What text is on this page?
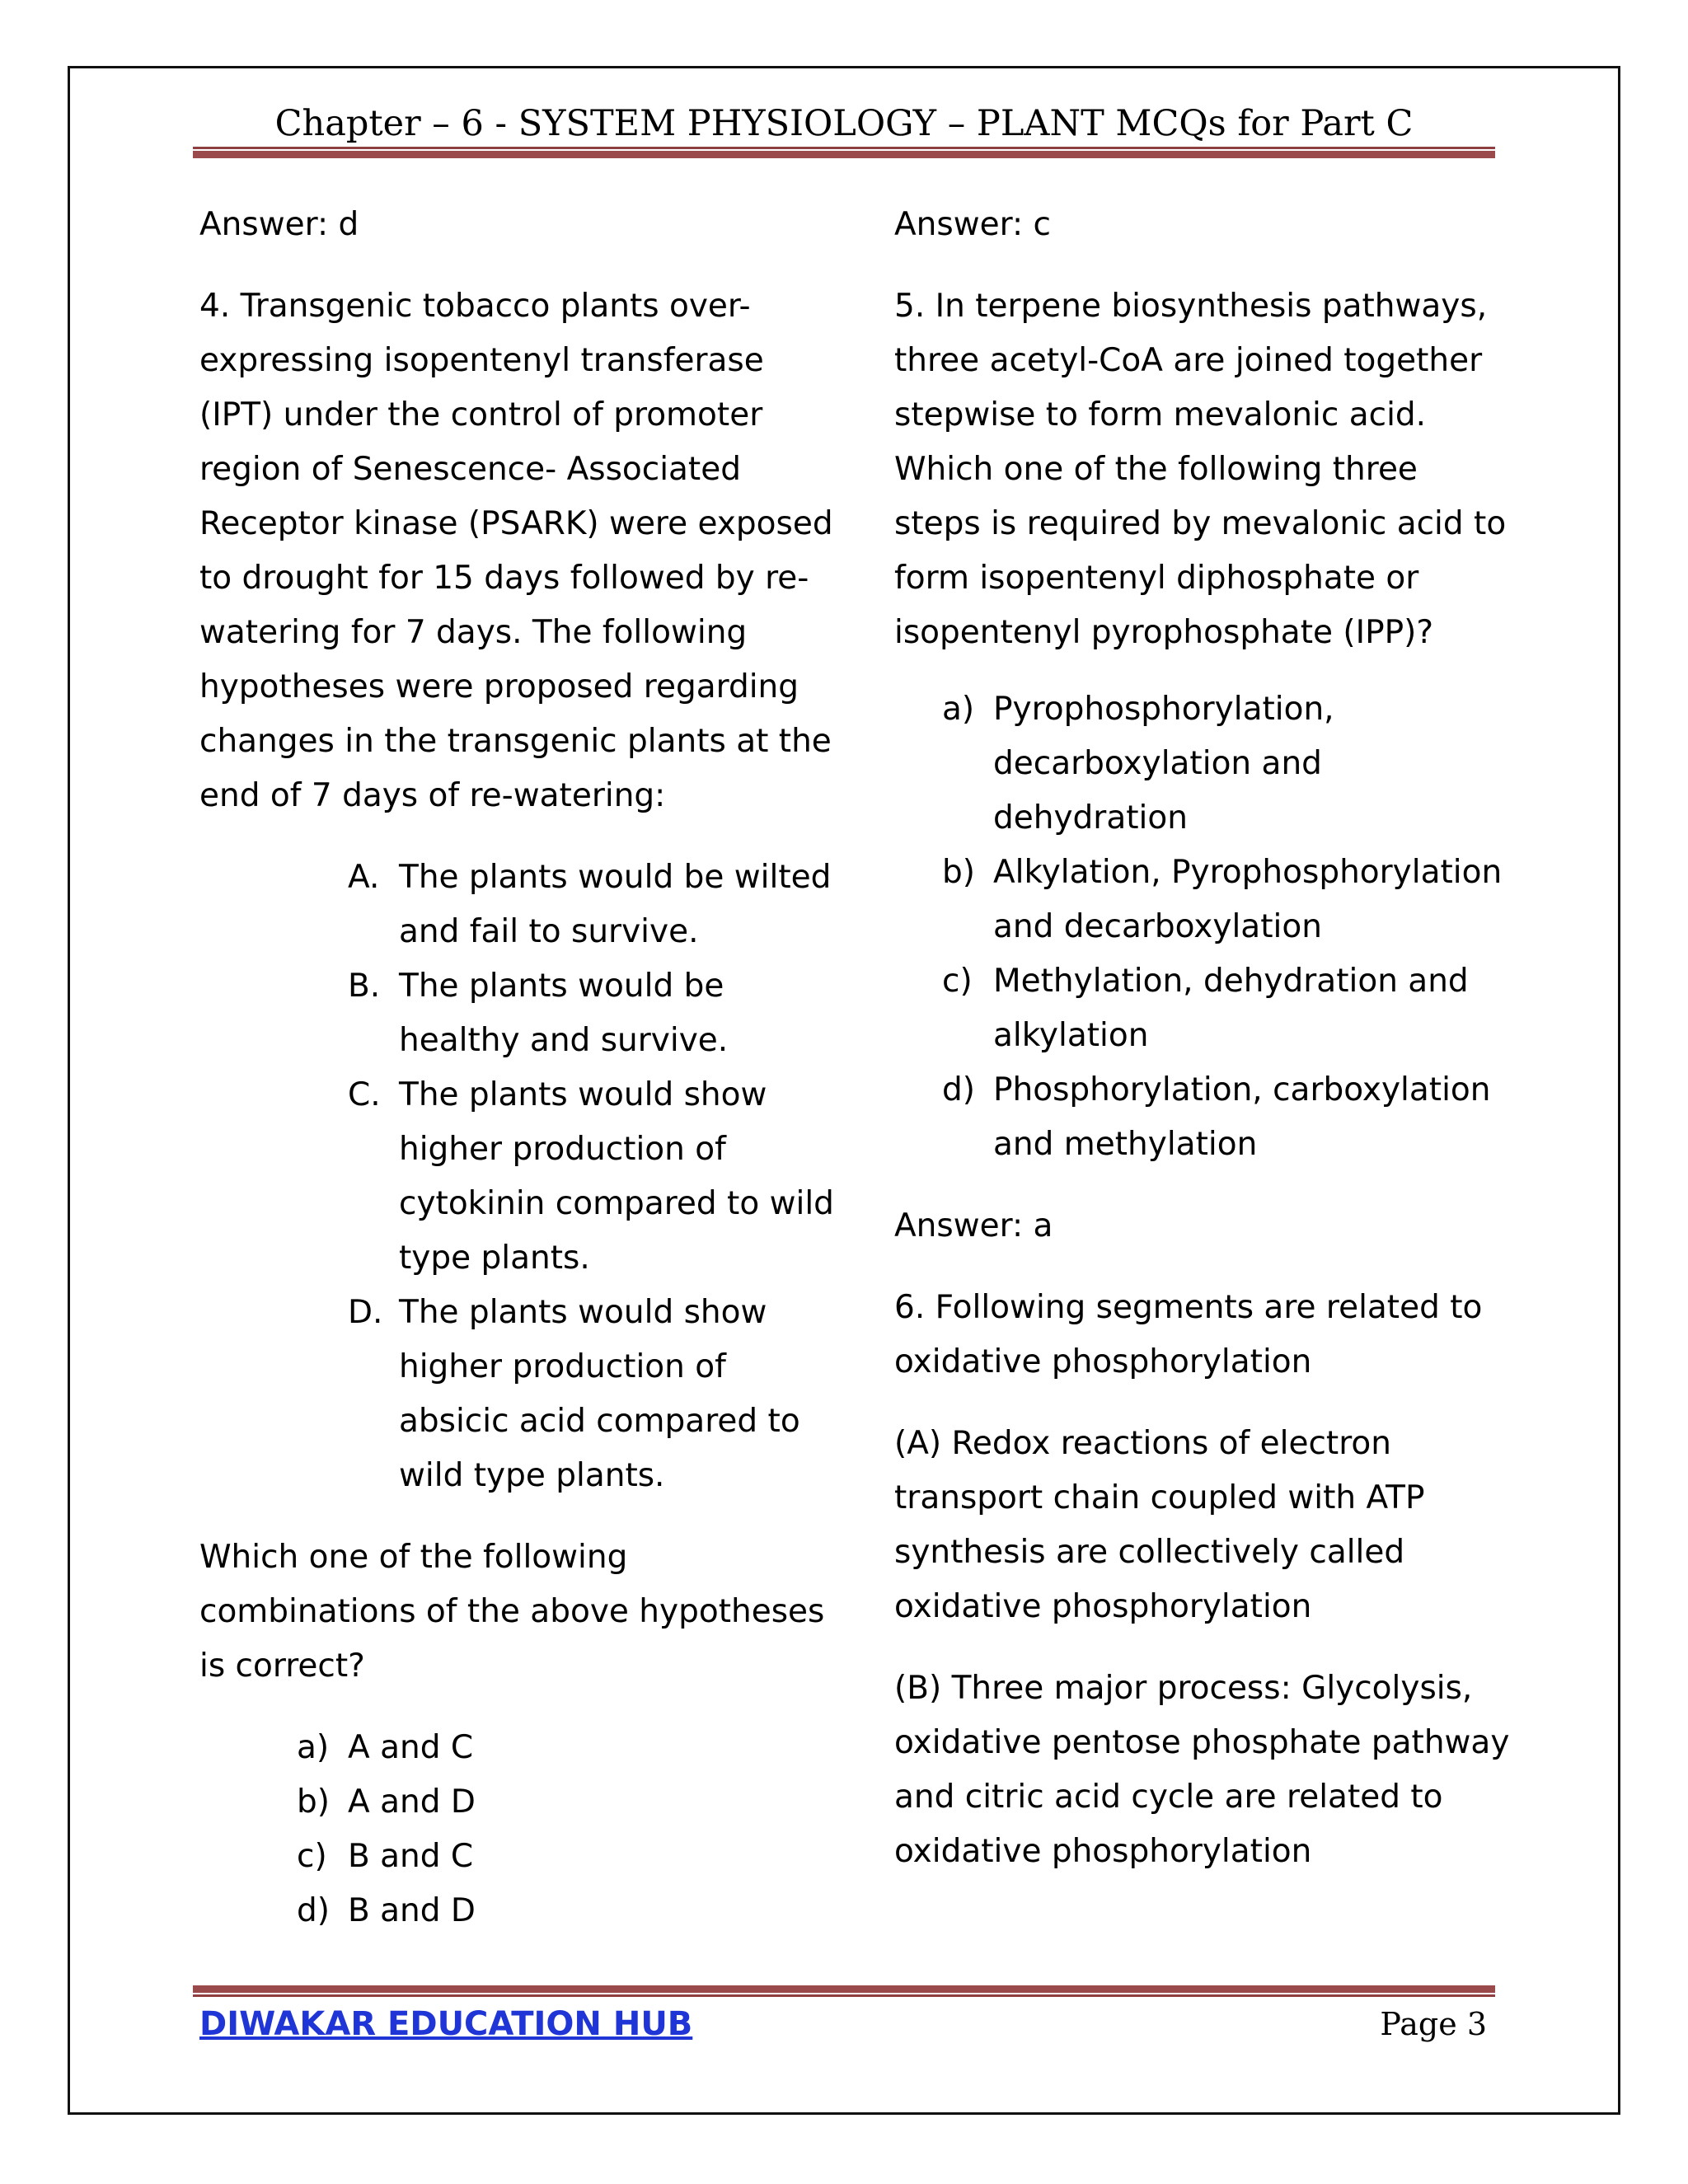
Chapter – 6 - SYSTEM PHYSIOLOGY – PLANT MCQs for Part C

Answer: d

4. Transgenic tobacco plants over-expressing isopentenyl transferase (IPT) under the control of promoter region of Senescence- Associated Receptor kinase (PSARK) were exposed to drought for 15 days followed by re-watering for 7 days. The following hypotheses were proposed regarding changes in the transgenic plants at the end of 7 days of re-watering:

A. The plants would be wilted and fail to survive.
B. The plants would be healthy and survive.
C. The plants would show higher production of cytokinin compared to wild type plants.
D. The plants would show higher production of absicic acid compared to wild type plants.

Which one of the following combinations of the above hypotheses is correct?

a) A and C
b) A and D
c) B and C
d) B and D

Answer: c

5. In terpene biosynthesis pathways, three acetyl-CoA are joined together stepwise to form mevalonic acid. Which one of the following three steps is required by mevalonic acid to form isopentenyl diphosphate or isopentenyl pyrophosphate (IPP)?

a) Pyrophosphorylation, decarboxylation and dehydration
b) Alkylation, Pyrophosphorylation and decarboxylation
c) Methylation, dehydration and alkylation
d) Phosphorylation, carboxylation and methylation

Answer: a

6. Following segments are related to oxidative phosphorylation

(A) Redox reactions of electron transport chain coupled with ATP synthesis are collectively called oxidative phosphorylation

(B) Three major process: Glycolysis, oxidative pentose phosphate pathway and citric acid cycle are related to oxidative phosphorylation

DIWAKAR EDUCATION HUB	Page 3
